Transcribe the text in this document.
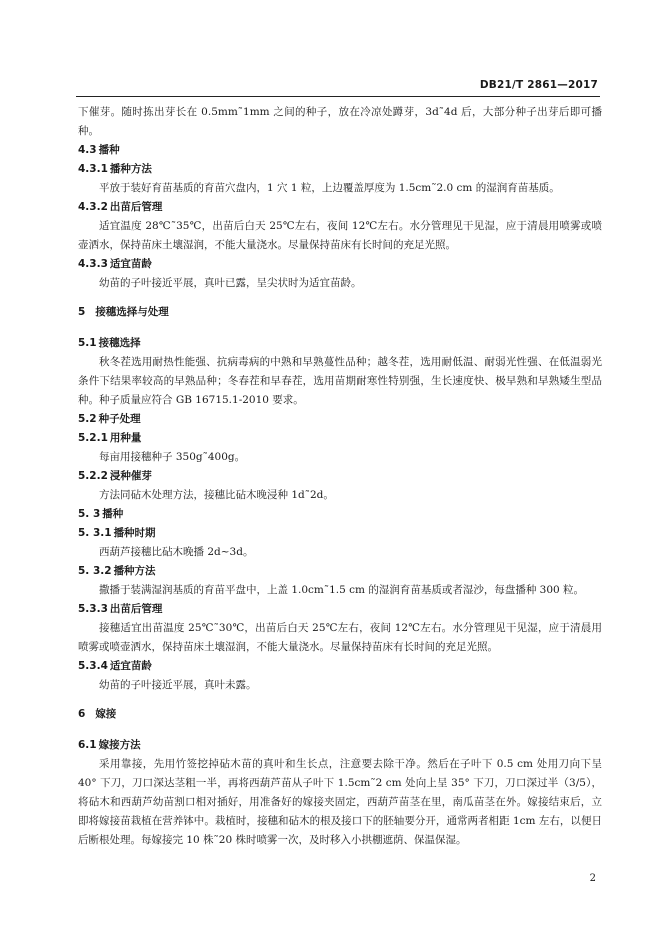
DB21/T 2861—2017

下催芽。随时拣出芽长在 0.5mm˜1mm 之间的种子，放在冷凉处蹲芽，3d˜4d 后，大部分种子出芽后即可播种。

4.3 播种
4.3.1 播种方法

平放于装好育苗基质的育苗穴盘内，1 穴 1 粒，上边覆盖厚度为 1.5cm˜2.0 cm 的湿润育苗基质。

4.3.2 出苗后管理

适宜温度 28℃˜35℃，出苗后白天 25℃左右，夜间 12℃左右。水分管理见干见湿，应于清晨用喷雾或喷壶洒水，保持苗床土壤湿润，不能大量浇水。尽量保持苗床有长时间的充足光照。

4.3.3 适宜苗龄

幼苗的子叶接近平展，真叶已露，呈尖状时为适宜苗龄。

5 接穗选择与处理
5.1 接穗选择

秋冬茬选用耐热性能强、抗病毒病的中熟和早熟蔓性品种；越冬茬，选用耐低温、耐弱光性强、在低温弱光条件下结果率较高的早熟品种；冬春茬和早春茬，选用苗期耐寒性特别强，生长速度快、极早熟和早熟矮生型品种。种子质量应符合 GB 16715.1-2010 要求。

5.2 种子处理
5.2.1 用种量

每亩用接穗种子 350g˜400g。

5.2.2 浸种催芽

方法同砧木处理方法，接穗比砧木晚浸种 1d˜2d。

5. 3 播种
5. 3.1 播种时期

西葫芦接穗比砧木晚播 2d~3d。

5. 3.2 播种方法

撒播于装满湿润基质的育苗平盘中，上盖 1.0cm˜1.5 cm 的湿润育苗基质或者湿沙，每盘播种 300 粒。

5.3.3 出苗后管理

接穗适宜出苗温度 25℃˜30℃，出苗后白天 25℃左右，夜间 12℃左右。水分管理见干见湿，应于清晨用喷雾或喷壶洒水，保持苗床土壤湿润，不能大量浇水。尽量保持苗床有长时间的充足光照。

5.3.4 适宜苗龄

幼苗的子叶接近平展，真叶未露。

6 嫁接
6.1 嫁接方法

采用靠接，先用竹签挖掉砧木苗的真叶和生长点，注意要去除干净。然后在子叶下 0.5 cm 处用刀向下呈 40° 下刀，刀口深达茎粗一半，再将西葫芦苗从子叶下 1.5cm˜2 cm 处向上呈 35° 下刀，刀口深过半（3/5），将砧木和西葫芦幼苗割口相对插好，用准备好的嫁接夹固定，西葫芦苗茎在里，南瓜苗茎在外。嫁接结束后，立即将嫁接苗栽植在营养钵中。栽植时，接穗和砧木的根及接口下的胚轴要分开，通常两者相距 1cm 左右，以便日后断根处理。每嫁接完 10 株˜20 株时喷雾一次，及时移入小拱棚遮荫、保温保湿。

2
